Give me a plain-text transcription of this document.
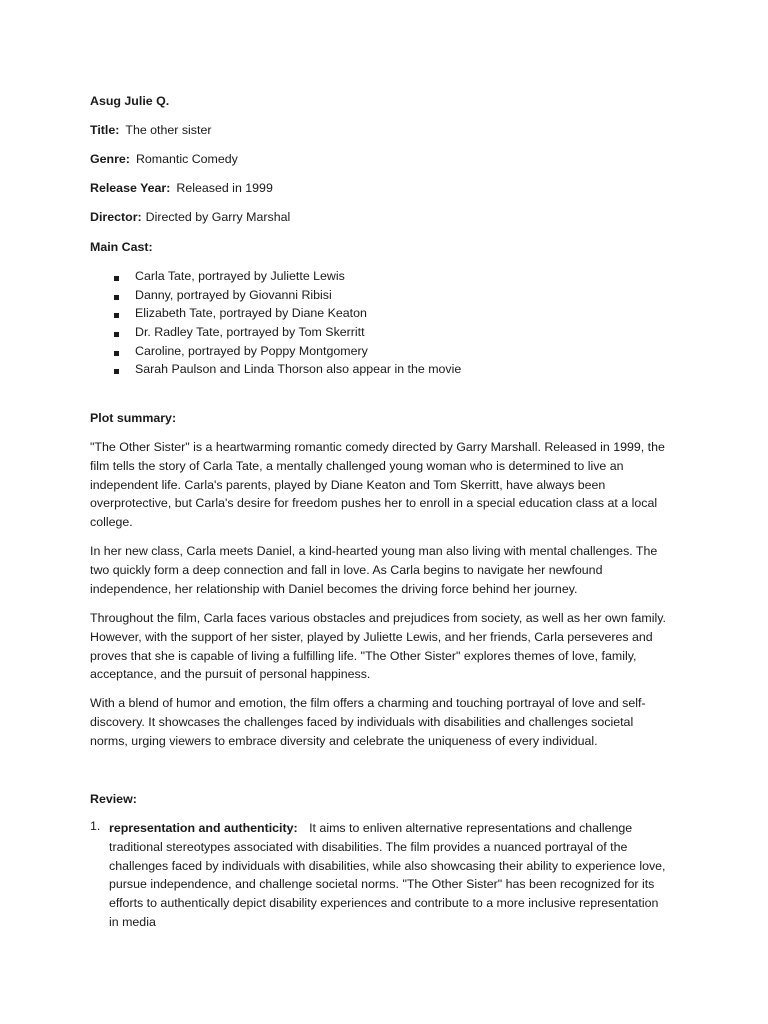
Asug Julie Q.
Title: The other sister
Genre: Romantic Comedy
Release Year: Released in 1999
Director: Directed by Garry Marshal
Main Cast:
Carla Tate, portrayed by Juliette Lewis
Danny, portrayed by Giovanni Ribisi
Elizabeth Tate, portrayed by Diane Keaton
Dr. Radley Tate, portrayed by Tom Skerritt
Caroline, portrayed by Poppy Montgomery
Sarah Paulson and Linda Thorson also appear in the movie
Plot summary:
"The Other Sister" is a heartwarming romantic comedy directed by Garry Marshall. Released in 1999, the
film tells the story of Carla Tate, a mentally challenged young woman who is determined to live an
independent life. Carla's parents, played by Diane Keaton and Tom Skerritt, have always been
overprotective, but Carla's desire for freedom pushes her to enroll in a special education class at a local
college.
In her new class, Carla meets Daniel, a kind-hearted young man also living with mental challenges. The
two quickly form a deep connection and fall in love. As Carla begins to navigate her newfound
independence, her relationship with Daniel becomes the driving force behind her journey.
Throughout the film, Carla faces various obstacles and prejudices from society, as well as her own family.
However, with the support of her sister, played by Juliette Lewis, and her friends, Carla perseveres and
proves that she is capable of living a fulfilling life. "The Other Sister" explores themes of love, family,
acceptance, and the pursuit of personal happiness.
With a blend of humor and emotion, the film offers a charming and touching portrayal of love and self-
discovery. It showcases the challenges faced by individuals with disabilities and challenges societal
norms, urging viewers to embrace diversity and celebrate the uniqueness of every individual.
Review:
1. representation and authenticity: It aims to enliven alternative representations and challenge
traditional stereotypes associated with disabilities. The film provides a nuanced portrayal of the
challenges faced by individuals with disabilities, while also showcasing their ability to experience love,
pursue independence, and challenge societal norms. "The Other Sister" has been recognized for its
efforts to authentically depict disability experiences and contribute to a more inclusive representation
in media
